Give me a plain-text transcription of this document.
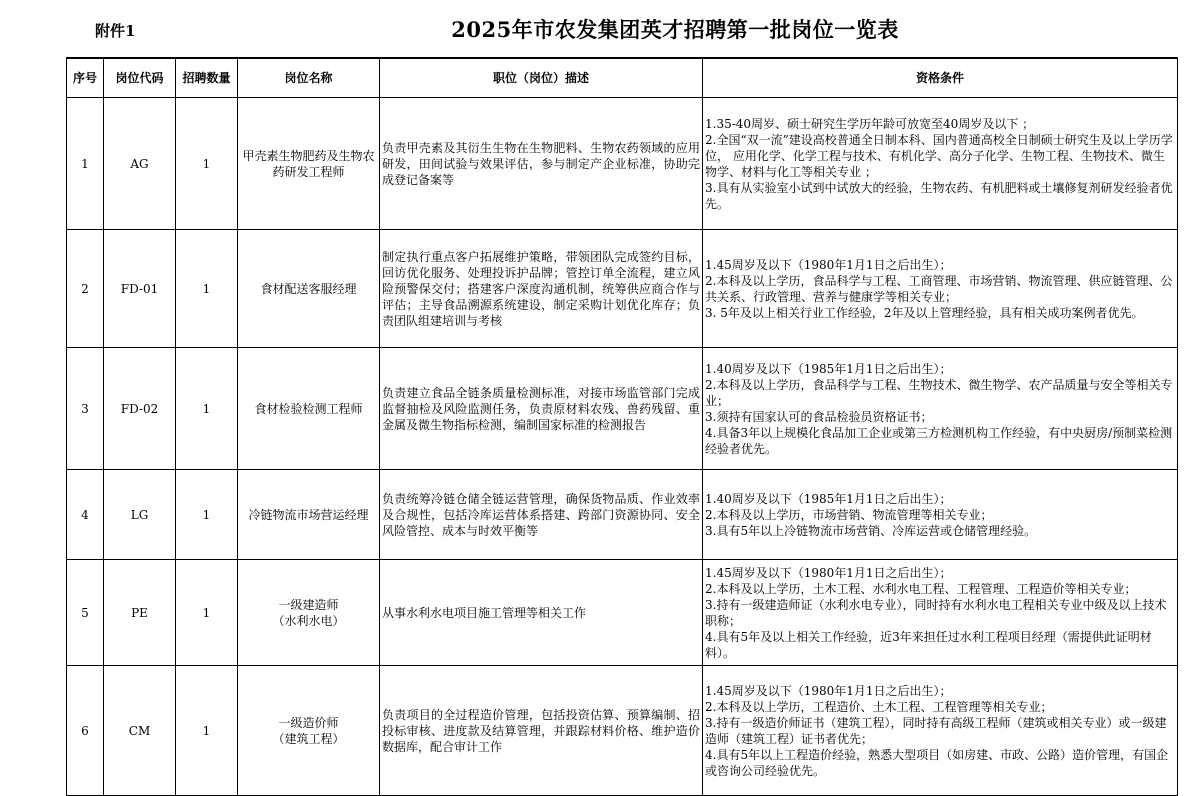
附件1	2025年市农发集团英才招聘第一批岗位一览表
序号	岗位代码	招聘数量	岗位名称	职位（岗位）描述	资格条件
1	AG	1	甲壳素生物肥药及生物农药研发工程师	负责甲壳素及其衍生生物在生物肥料、生物农药领域的应用研发，田间试验与效果评估，参与制定产企业标准，协助完成登记备案等	1.35-40周岁、硕士研究生学历年龄可放宽至40周岁及以下 ；
2.全国“双一流”建设高校普通全日制本科、国内普通高校全日制硕士研究生及以上学历学位， 应用化学、化学工程与技术、有机化学、高分子化学、生物工程、生物技术、微生物学、材料与化工等相关专业 ；
3.具有从实验室小试到中试放大的经验，生物农药、有机肥料或土壤修复剂研发经验者优先。

2	FD-01	1	食材配送客服经理	制定执行重点客户拓展维护策略，带领团队完成签约目标，回访优化服务、处理投诉护品牌；管控订单全流程，建立风险预警保交付；搭建客户深度沟通机制，统筹供应商合作与评估；主导食品溯源系统建设，制定采购计划优化库存；负责团队组建培训与考核	1.45周岁及以下（1980年1月1日之后出生）；
2.本科及以上学历，食品科学与工程、工商管理、市场营销、物流管理、供应链管理、公共关系、行政管理、营养与健康学等相关专业；
3. 5年及以上相关行业工作经验，2年及以上管理经验，具有相关成功案例者优先。

3	FD-02	1	食材检验检测工程师	负责建立食品全链条质量检测标准，对接市场监管部门完成监督抽检及风险监测任务，负责原材料农残、兽药残留、重金属及微生物指标检测，编制国家标准的检测报告	1.40周岁及以下（1985年1月1日之后出生）；
2.本科及以上学历，食品科学与工程、生物技术、微生物学、农产品质量与安全等相关专业；
3.须持有国家认可的食品检验员资格证书；
4.具备3年以上规模化食品加工企业或第三方检测机构工作经验，有中央厨房/预制菜检测经验者优先。

4	LG	1	冷链物流市场营运经理	负责统筹冷链仓储全链运营管理，确保货物品质、作业效率及合规性，包括冷库运营体系搭建、跨部门资源协同、安全风险管控、成本与时效平衡等	1.40周岁及以下（1985年1月1日之后出生）；
2.本科及以上学历，市场营销、物流管理等相关专业；
3.具有5年以上冷链物流市场营销、冷库运营或仓储管理经验。

5	PE	1	一级建造师
（水利水电）	从事水利水电项目施工管理等相关工作	1.45周岁及以下（1980年1月1日之后出生）；
2.本科及以上学历，土木工程、水利水电工程、工程管理、工程造价等相关专业；
3.持有一级建造师证（水利水电专业），同时持有水利水电工程相关专业中级及以上技术职称；
4.具有5年及以上相关工作经验，近3年来担任过水利工程项目经理（需提供此证明材料）。

6	CM	1	一级造价师
（建筑工程）	负责项目的全过程造价管理，包括投资估算、预算编制、招投标审核、进度款及结算管理，并跟踪材料价格、维护造价数据库，配合审计工作	1.45周岁及以下（1980年1月1日之后出生）；
2.本科及以上学历，工程造价、土木工程、工程管理等相关专业；
3.持有一级造价师证书（建筑工程），同时持有高级工程师（建筑或相关专业）或一级建造师（建筑工程）证书者优先；
4.具有5年以上工程造价经验，熟悉大型项目（如房建、市政、公路）造价管理，有国企或咨询公司经验优先。
